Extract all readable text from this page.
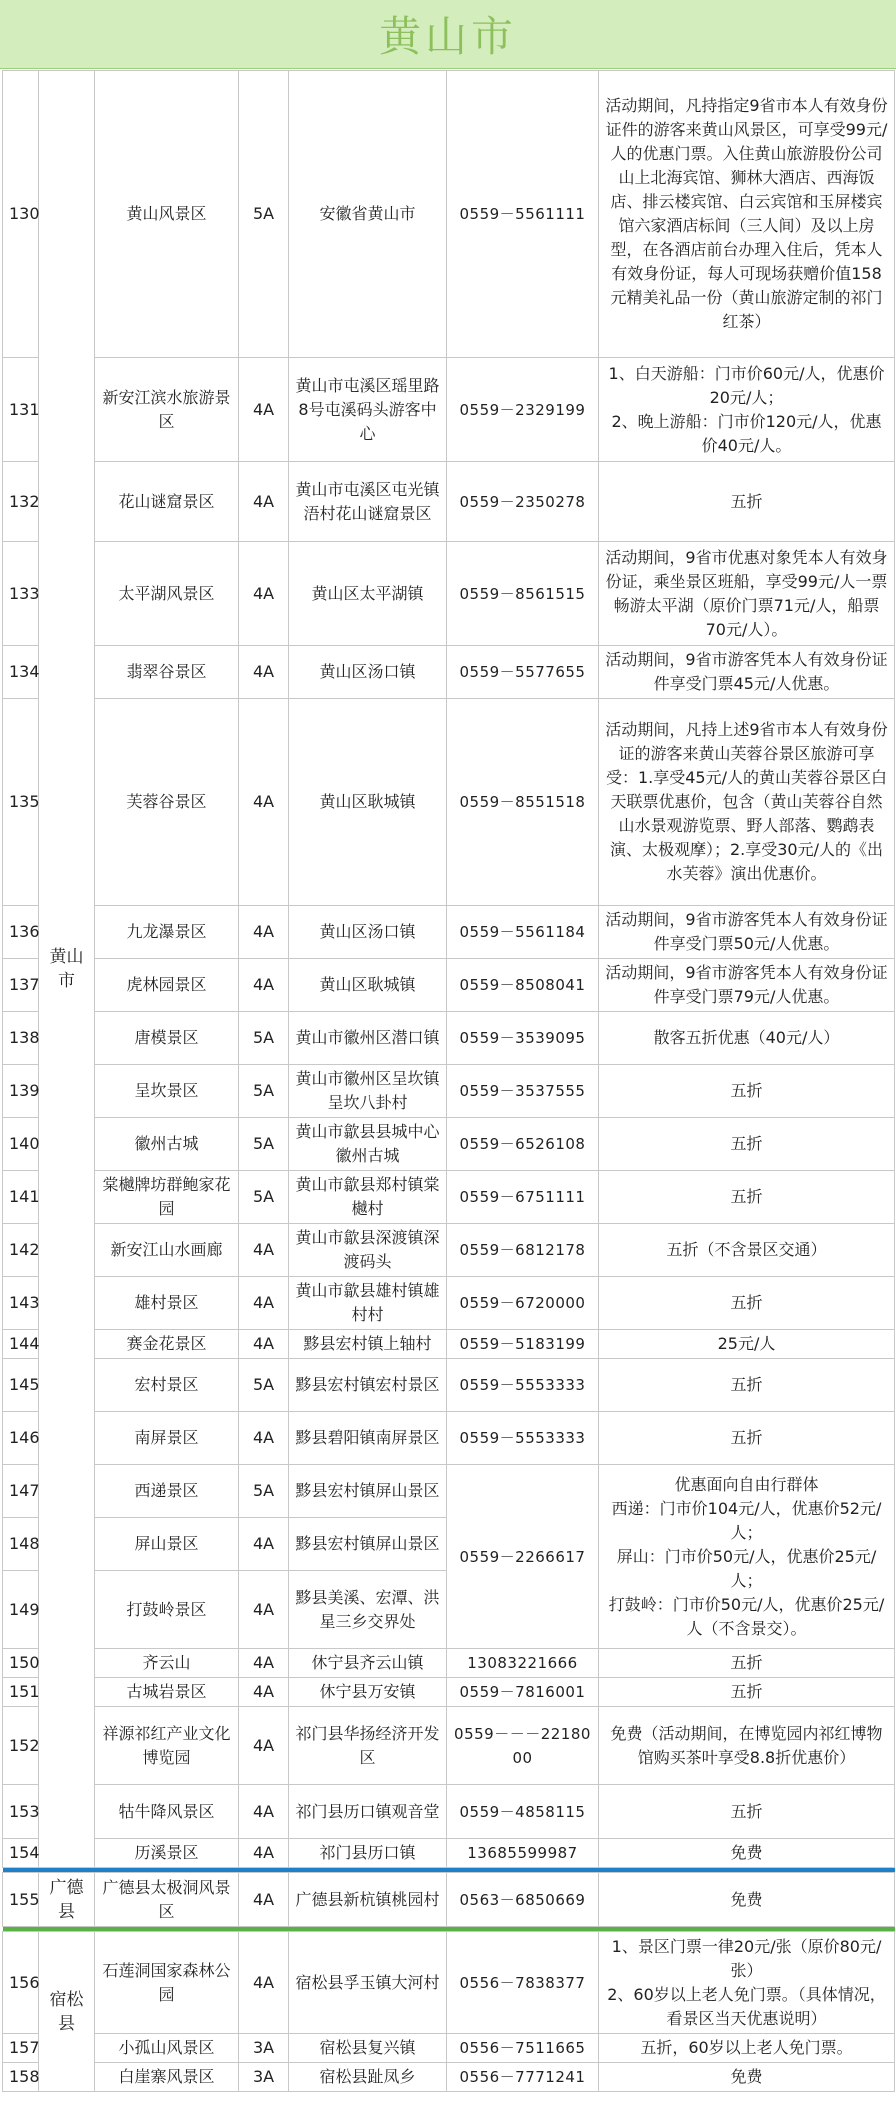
黄山市
130	黄山市	黄山风景区	5A	安徽省黄山市	0559－5561111	活动期间，凡持指定9省市本人有效身份证件的游客来黄山风景区，可享受99元/人的优惠门票。入住黄山旅游股份公司山上北海宾馆、狮林大酒店、西海饭店、排云楼宾馆、白云宾馆和玉屏楼宾馆六家酒店标间（三人间）及以上房型，在各酒店前台办理入住后，凭本人有效身份证，每人可现场获赠价值158元精美礼品一份（黄山旅游定制的祁门红茶）
131		新安江滨水旅游景区	4A	黄山市屯溪区瑶里路8号屯溪码头游客中心	0559－2329199	1、白天游船：门市价60元/人，优惠价20元/人；
2、晚上游船：门市价120元/人，优惠价40元/人。
132		花山谜窟景区	4A	黄山市屯溪区屯光镇浯村花山谜窟景区	0559－2350278	五折
133		太平湖风景区	4A	黄山区太平湖镇	0559－8561515	活动期间，9省市优惠对象凭本人有效身份证，乘坐景区班船，享受99元/人一票畅游太平湖（原价门票71元/人，船票70元/人）。
134		翡翠谷景区	4A	黄山区汤口镇	0559－5577655	活动期间，9省市游客凭本人有效身份证件享受门票45元/人优惠。
135		芙蓉谷景区	4A	黄山区耿城镇	0559－8551518	活动期间，凡持上述9省市本人有效身份证的游客来黄山芙蓉谷景区旅游可享受：1.享受45元/人的黄山芙蓉谷景区白天联票优惠价，包含（黄山芙蓉谷自然山水景观游览票、野人部落、鹦鹉表演、太极观摩）；2.享受30元/人的《出水芙蓉》演出优惠价。
136		九龙瀑景区	4A	黄山区汤口镇	0559－5561184	活动期间，9省市游客凭本人有效身份证件享受门票50元/人优惠。
137		虎林园景区	4A	黄山区耿城镇	0559－8508041	活动期间，9省市游客凭本人有效身份证件享受门票79元/人优惠。
138		唐模景区	5A	黄山市徽州区潜口镇	0559－3539095	散客五折优惠（40元/人）
139		呈坎景区	5A	黄山市徽州区呈坎镇呈坎八卦村	0559－3537555	五折
140		徽州古城	5A	黄山市歙县县城中心徽州古城	0559－6526108	五折
141		棠樾牌坊群鲍家花园	5A	黄山市歙县郑村镇棠樾村	0559－6751111	五折
142		新安江山水画廊	4A	黄山市歙县深渡镇深渡码头	0559－6812178	五折（不含景区交通）
143		雄村景区	4A	黄山市歙县雄村镇雄村村	0559－6720000	五折
144		赛金花景区	4A	黟县宏村镇上轴村	0559－5183199	25元/人
145		宏村景区	5A	黟县宏村镇宏村景区	0559－5553333	五折
146		南屏景区	4A	黟县碧阳镇南屏景区	0559－5553333	五折
147		西递景区	5A	黟县宏村镇屏山景区	0559－2266617	优惠面向自由行群体
西递：门市价104元/人，优惠价52元/人；
屏山：门市价50元/人，优惠价25元/人；
打鼓岭：门市价50元/人，优惠价25元/人（不含景交）。
148		屏山景区	4A	黟县宏村镇屏山景区		
149		打鼓岭景区	4A	黟县美溪、宏潭、洪星三乡交界处		
150		齐云山	4A	休宁县齐云山镇	13083221666	五折
151		古城岩景区	4A	休宁县万安镇	0559－7816001	五折
152		祥源祁红产业文化博览园	4A	祁门县华扬经济开发区	0559－－－2218000	免费（活动期间，在博览园内祁红博物馆购买茶叶享受8.8折优惠价）
153		牯牛降风景区	4A	祁门县历口镇观音堂	0559－4858115	五折
154		历溪景区	4A	祁门县历口镇	13685599987	免费

155	广德县	广德县太极洞风景区	4A	广德县新杭镇桃园村	0563－6850669	免费

156	宿松县	石莲洞国家森林公园	4A	宿松县孚玉镇大河村	0556－7838377	1、景区门票一律20元/张（原价80元/张）
2、60岁以上老人免门票。（具体情况，看景区当天优惠说明）
157		小孤山风景区	3A	宿松县复兴镇	0556－7511665	五折，60岁以上老人免门票。
158		白崖寨风景区	3A	宿松县趾凤乡	0556－7771241	免费
